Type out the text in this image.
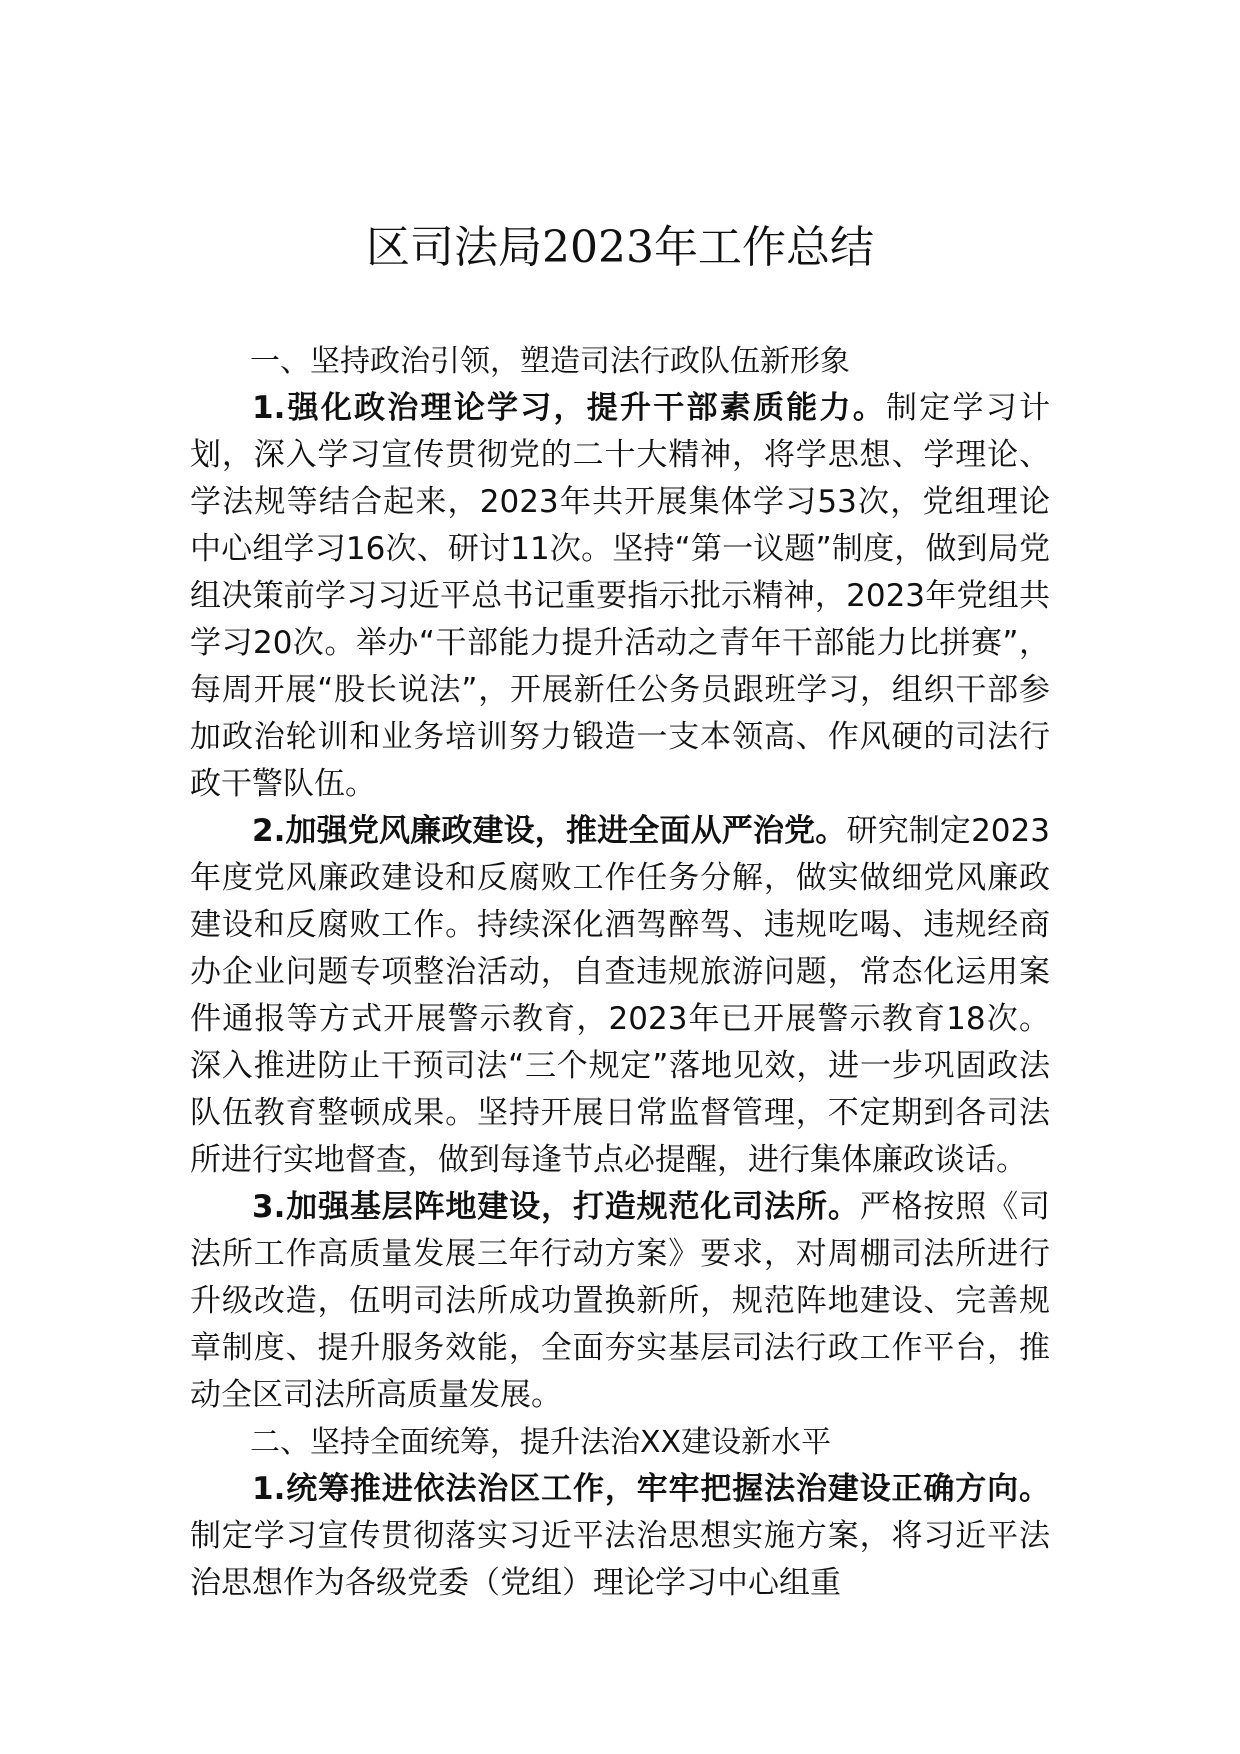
区司法局2023年工作总结

一、坚持政治引领，塑造司法行政队伍新形象

1.强化政治理论学习，提升干部素质能力。制定学习计划，深入学习宣传贯彻党的二十大精神，将学思想、学理论、学法规等结合起来，2023年共开展集体学习53次，党组理论中心组学习16次、研讨11次。坚持“第一议题”制度，做到局党组决策前学习习近平总书记重要指示批示精神，2023年党组共学习20次。举办“干部能力提升活动之青年干部能力比拼赛”，每周开展“股长说法”，开展新任公务员跟班学习，组织干部参加政治轮训和业务培训努力锻造一支本领高、作风硬的司法行政干警队伍。

2.加强党风廉政建设，推进全面从严治党。研究制定2023年度党风廉政建设和反腐败工作任务分解，做实做细党风廉政建设和反腐败工作。持续深化酒驾醉驾、违规吃喝、违规经商办企业问题专项整治活动，自查违规旅游问题，常态化运用案件通报等方式开展警示教育，2023年已开展警示教育18次。深入推进防止干预司法“三个规定”落地见效，进一步巩固政法队伍教育整顿成果。坚持开展日常监督管理，不定期到各司法所进行实地督查，做到每逢节点必提醒，进行集体廉政谈话。

3.加强基层阵地建设，打造规范化司法所。严格按照《司法所工作高质量发展三年行动方案》要求，对周棚司法所进行升级改造，伍明司法所成功置换新所，规范阵地建设、完善规章制度、提升服务效能，全面夯实基层司法行政工作平台，推动全区司法所高质量发展。

二、坚持全面统筹，提升法治XX建设新水平

1.统筹推进依法治区工作，牢牢把握法治建设正确方向。制定学习宣传贯彻落实习近平法治思想实施方案，将习近平法治思想作为各级党委（党组）理论学习中心组重
